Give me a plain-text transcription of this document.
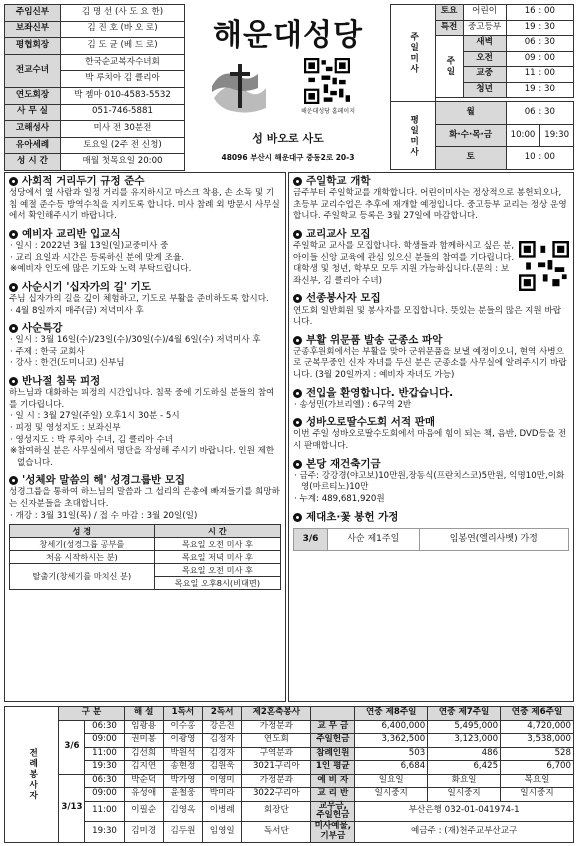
주임신부	김 명 선 (사 도 요 한)
보좌신부	김 진 호 (바 오 로)
평협회장	김 도 균 (베 드 로)
전교수녀	한국순교복자수녀회
	박 루치아 김 클리아
연도회장	박 젬마 010-4583-5532
사 무 실	051-746-5881
고해성사	미사 전 30분전
유아세례	토요일 (2주 전 신청)
성 시 간	매월 첫목요일 20:00
해운대성당
해운대성당 홈페이지
성 바오로 사도
48096 부산시 해운대구 중동2로 20-3
주일미사	토요	어린이	16 : 00	
	특전	중고등부	19 : 30	
	주일	새벽	06 : 30	
		오전	09 : 00	
		교중	11 : 00	
		청년	19 : 30	

평일미사	월		06 : 30	
	화·수·목·금		10:00	19:30
	토		10 : 00	
사회적 거리두기 규정 준수

성당에서 옆 사람과 일정 거리를 유지하시고 마스크 착용, 손 소독 및 기침 예절 준수등 방역수칙을 지키도록 합니다. 미사 참례 외 방문시 사무실에서 확인해주시기 바랍니다.

예비자 교리반 입교식
· 일시 : 2022년 3월 13일(일)교중미사 중
· 교리 요일과 시간은 등록하신 분에 맞게 조율.
※예비자 인도에 많은 기도와 노력 부탁드립니다.
사순시기 '십자가의 길' 기도

주님 십자가의 길을 깊이 체험하고, 기도로 부활을 준비하도록 합시다.

· 4월 8일까지 매주(금) 저녁미사 후
사순특강
· 일시 : 3월 16일(수)/23일(수)/30일(수)/4월 6일(수) 저녁미사 후
· 주제 : 한국 교회사
· 강사 : 한건(도미니코) 신부님
반나절 침묵 피정

하느님과 대화하는 피정의 시간입니다. 침묵 중에 기도하실 분들의 참여를 기다립니다.

· 일 시 : 3월 27일(주일) 오후1시 30분 - 5시
· 피정 및 영성지도 : 보좌신부
· 영성지도 : 박 루치아 수녀, 김 클리아 수녀
※참여하실 분은 사무실에서 명단을 작성해 주시기 바랍니다. 인원 제한 없습니다.
'성체와 말씀의 해' 성경그룹반 모집

성경그룹을 통하여 하느님의 말씀과 그 섭리의 은총에 빠져들기를 희망하는 신자분들을 초대합니다.

· 개강 : 3월 31일(목) / 접 수 마감 : 3월 20일(일)
성 경	시 간
창세기(성경그룹 공부를	목요일 오전 미사 후
처음 시작하시는 분)	목요일 저녁 미사 후
탈출기(창세기를 마치신 분)	목요일 오전 미사 후
	목요일 오후8시(비대면)
주일학교 개학

금주부터 주일학교를 개학합니다. 어린이미사는 정상적으로 봉헌되오나, 초등부 교리수업은 추후에 재개할 예정입니다. 중고등부 교리는 정상 운영합니다. 주일학교 등록은 3월 27일에 마감합니다.

교리교사 모집

주일학교 교사를 모집합니다. 학생들과 함께하시고 싶은 분, 아이들 신앙 교육에 관심 있으신 분들의 참여를 기다립니다. 대학생 및 청년, 학부모 모두 지원 가능하십니다.(문의 : 보좌신부, 김 클리아 수녀)

선종봉사자 모집

연도회 일반회원 및 봉사자를 모집합니다. 뜻있는 분들의 많은 지원 바랍니다.

부활 위문품 발송 군종소 파악

군종후원회에서는 부활을 맞아 군위문품을 보낼 예정이오니, 현역 사병으로 군복무중인 신자 자녀를 두신 분은 군종소를 사무실에 알려주시기 바랍니다. (3월 20일까지 : 예비자 자녀도 가능)

전입을 환영합니다. 반갑습니다.
· 송성민(가브리엘) : 6구역 2반
성바오로딸수도회 서적 판매

이번 주일 성바오로딸수도회에서 마음에 힘이 되는 책, 음반, DVD등을 전시 판매합니다.

본당 재건축기금
· 금주: 강강경(야고보)10만원,장동식(프란치스코)5만원, 익명10만,이화영(마르티노)10만
· 누계: 489,681,920원
제대초·꽃 봉헌 가정
3/6	사순 제1주일	임봉연(엘리사벳) 가정
전례봉사자	구 분		해 설	1독서	2독서	제2혼축봉사		연중 제8주일	연중 제7주일	연중 제6주일
	3/6	06:30	임광용	이수홍	강은진	가정분과	교 무 금	6,400,000	5,495,000	4,720,000
		09:00	권미봉	이광영	김정자	연도회	주일헌금	3,362,500	3,123,000	3,538,000
		11:00	김선희	박원석	김경자	구역분과	참례인원	503	486	528
		19:30	김지연	송현정	김원욱	3021구리아	1인 평균	6,684	6,425	6,700
	3/13	06:30	박순덕	박가영	이영미	가정분과	예 비 자	일요일	화요일	목요일
		09:00	유성애	윤철웅	박미라	3022구리아	교 리 반	일시중지	일시중지	일시중지
		11:00	이필순	김영옥	이병례	회장단	교무금, 주일헌금	부산은행 032-01-041974-1		
		19:30	김미경	김두원	임영일	독서단	미사예물, 기부금	예금주 : (재)천주교부산교구		
